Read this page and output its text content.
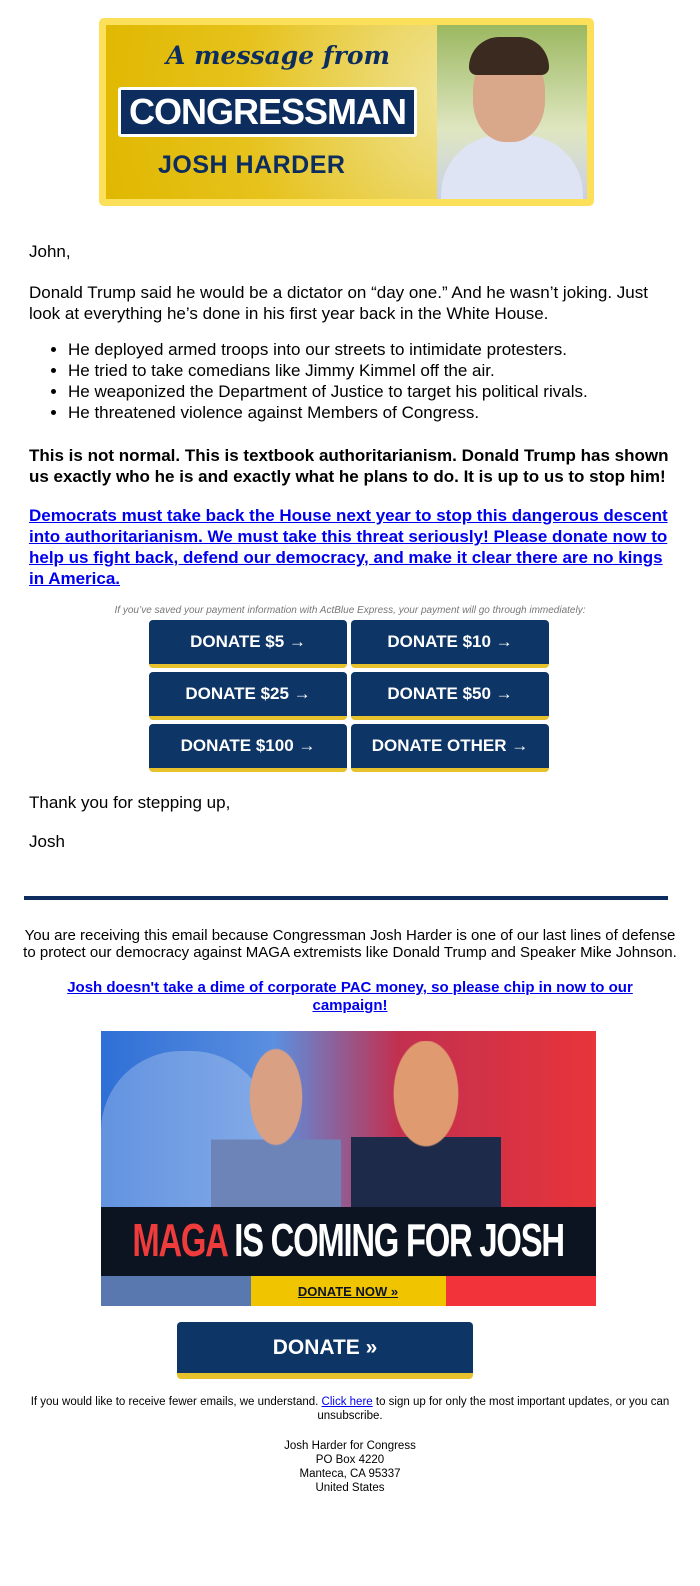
A message from
CONGRESSMAN
JOSH HARDER

John,

Donald Trump said he would be a dictator on “day one.” And he wasn’t joking. Just look at everything he’s done in his first year back in the White House.

• He deployed armed troops into our streets to intimidate protesters.
• He tried to take comedians like Jimmy Kimmel off the air.
• He weaponized the Department of Justice to target his political rivals.
• He threatened violence against Members of Congress.

This is not normal. This is textbook authoritarianism. Donald Trump has shown us exactly who he is and exactly what he plans to do. It is up to us to stop him!

Democrats must take back the House next year to stop this dangerous descent into authoritarianism. We must take this threat seriously! Please donate now to help us fight back, defend our democracy, and make it clear there are no kings in America.

If you’ve saved your payment information with ActBlue Express, your payment will go through immediately:
DONATE $5 →	DONATE $10 →
DONATE $25 →	DONATE $50 →
DONATE $100 →	DONATE OTHER →

Thank you for stepping up,

Josh

You are receiving this email because Congressman Josh Harder is one of our last lines of defense to protect our democracy against MAGA extremists like Donald Trump and Speaker Mike Johnson.

Josh doesn't take a dime of corporate PAC money, so please chip in now to our campaign!

MAGA IS COMING FOR JOSH
DONATE NOW »
DONATE »

If you would like to receive fewer emails, we understand. Click here to sign up for only the most important updates, or you can unsubscribe.

Josh Harder for Congress
PO Box 4220
Manteca, CA 95337
United States
